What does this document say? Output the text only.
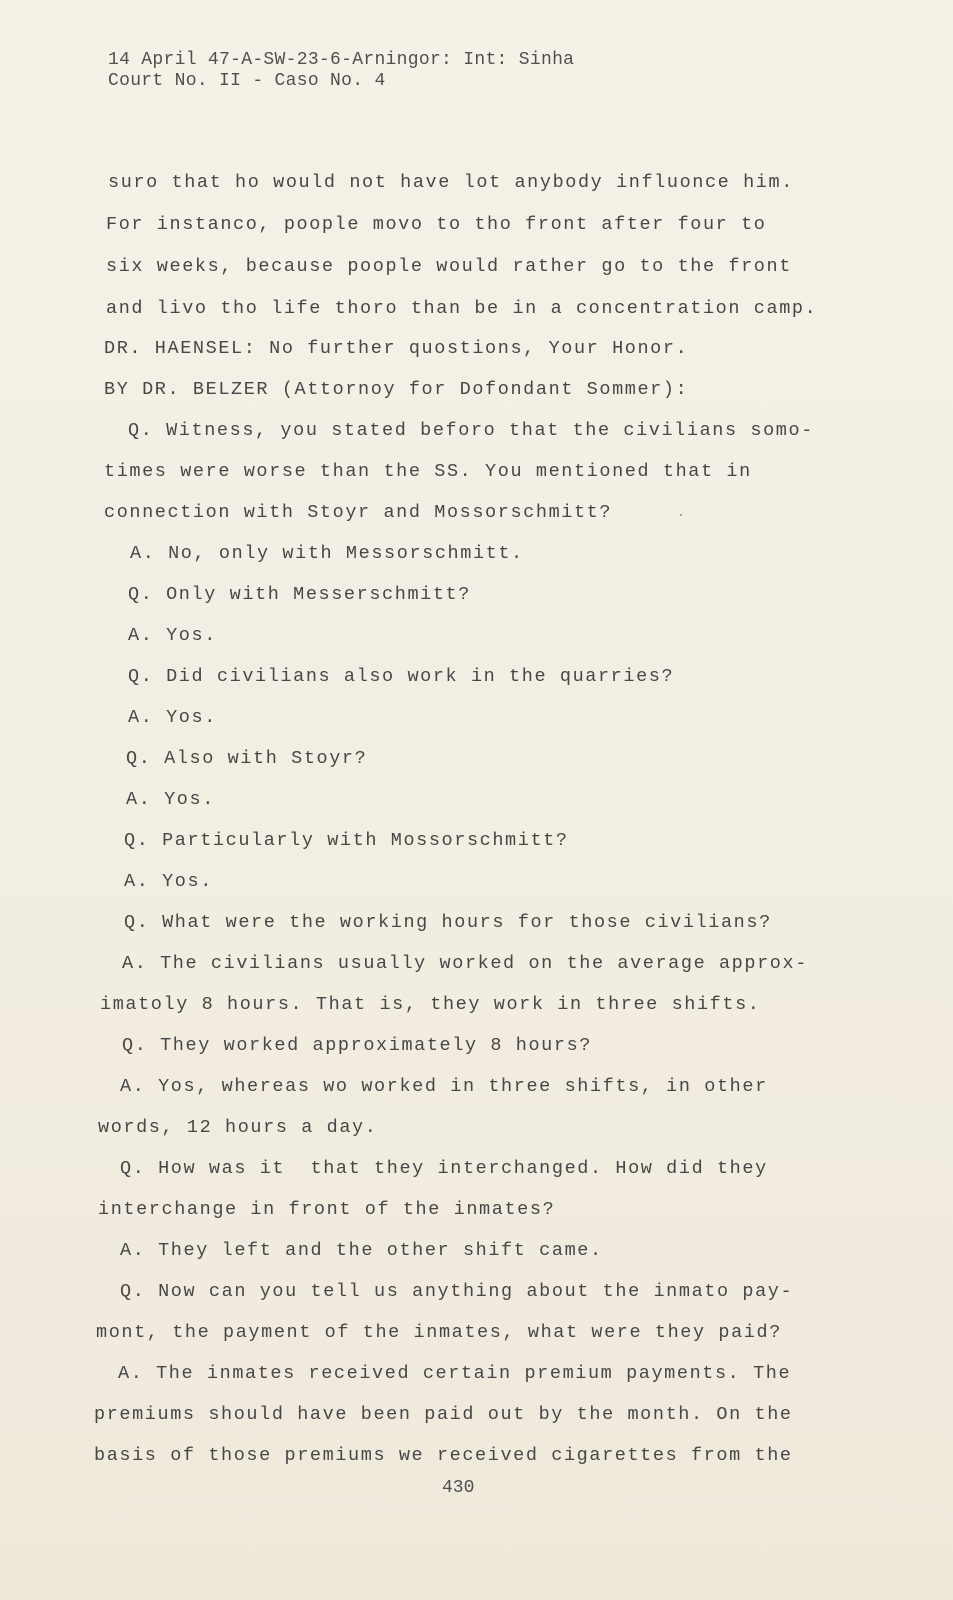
14 April 47-A-SW-23-6-Arningor: Int: Sinha
Court No. II - Caso No. 4
suro that ho would not have lot anybody influonce him.
For instanco, poople movo to tho front after four to
six weeks, because poople would rather go to the front
and livo tho life thoro than be in a concentration camp.
DR. HAENSEL: No further quostions, Your Honor.
BY DR. BELZER (Attornoy for Dofondant Sommer):
Q. Witness, you stated beforo that the civilians somo-
times were worse than the SS. You mentioned that in
connection with Stoyr and Mossorschmitt?
A. No, only with Messorschmitt.
Q. Only with Messerschmitt?
A. Yos.
Q. Did civilians also work in the quarries?
A. Yos.
Q. Also with Stoyr?
A. Yos.
Q. Particularly with Mossorschmitt?
A. Yos.
Q. What were the working hours for those civilians?
A. The civilians usually worked on the average approx-
imatoly 8 hours. That is, they work in three shifts.
Q. They worked approximately 8 hours?
A. Yos, whereas wo worked in three shifts, in other
words, 12 hours a day.
Q. How was it  that they interchanged. How did they
interchange in front of the inmates?
A. They left and the other shift came.
Q. Now can you tell us anything about the inmato pay-
mont, the payment of the inmates, what were they paid?
A. The inmates received certain premium payments. The
premiums should have been paid out by the month. On the
basis of those premiums we received cigarettes from the
430
